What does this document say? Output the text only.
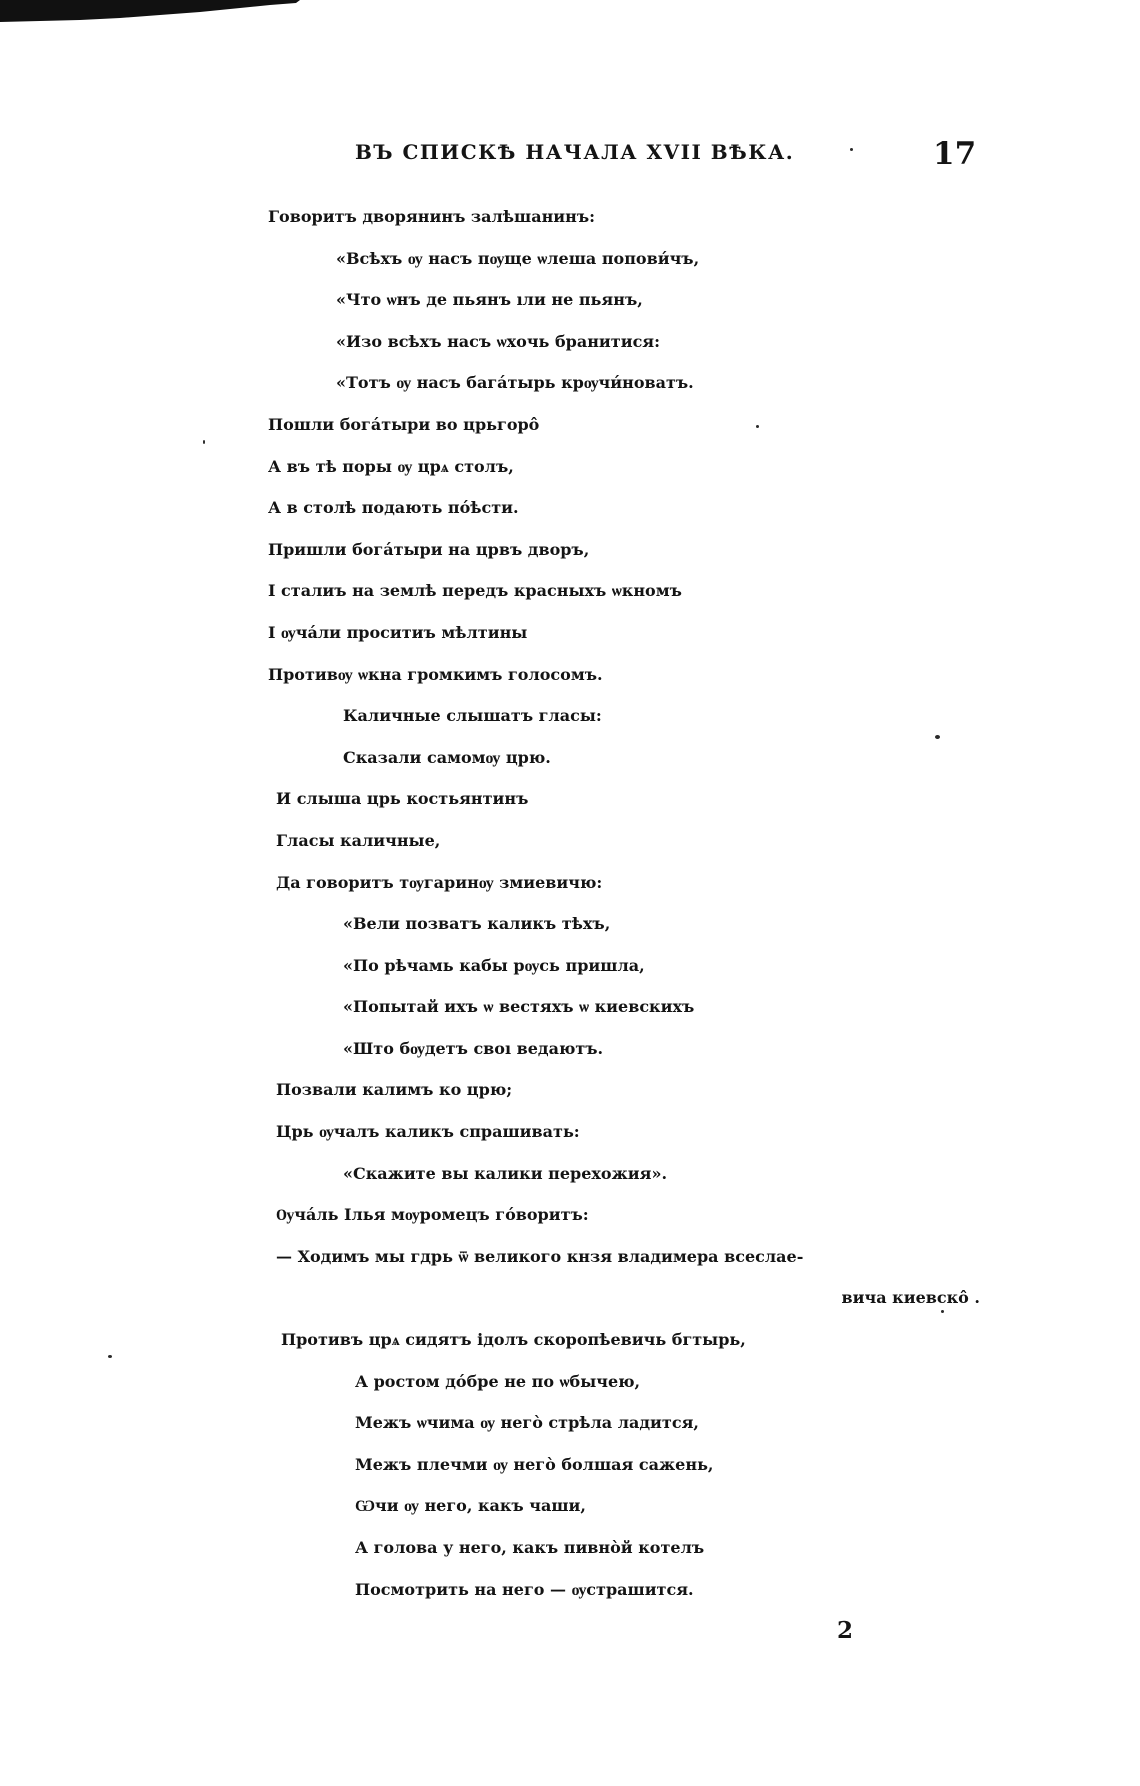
ВЪ СПИСКѢ НАЧАЛА XVII ВѢКА.	17
Говоритъ дворянинъ залѣшанинъ:
«Всѣхъ ѹ насъ пѹще ѡлеша попови́чъ,
«Что ѡнъ де пьянъ ıли не пьянъ,
«Изо всѣхъ насъ ѡхочь бранитися:
«Тотъ ѹ насъ багáтырь крѹчи́новатъ.
Пошли богáтыри во црьгоро̂
А въ тѣ поры ѹ црѧ столъ,
А в столѣ подають пóѣсти.
Пришли богáтыри на црвъ дворъ,
І сталиъ на землѣ передъ красныхъ ѡкномъ
І ѹчáли проситиъ мѣлтины
Противѹ ѡкна громкимъ голосомъ.
Каличные слышатъ гласы:
Сказали самомѹ црю.
И слыша црь костьянтинъ
Гласы каличные,
Да говоритъ тѹгаринѹ змиевичю:
«Вели позватъ каликъ тѣхъ,
«По рѣчамь кабы рѹсь пришла,
«Попытай ихъ ѡ вестяхъ ѡ киевскихъ
«Што бѹдетъ своı ведаютъ.
Позвали калимъ ко црю;
Црь ѹчалъ каликъ спрашивать:
«Скажите вы калики перехожия».
Ѹчáль Ілья мѹромецъ гóворитъ:
— Ходимъ мы гдрь ѿ великого кнзя владимера всеслае-
вича киевско̂ .
Противъ црѧ сидятъ ідолъ скоропѣевичь бгтырь,
А ростом дóбре не по ѡбычею,
Межъ ѡчима ѹ негò стрѣла ладится,
Межъ плечми ѹ негò болшая сажень,
Ѡчи ѹ него, какъ чаши,
А голова у него, какъ пивнòй котелъ
Посмотрить на него — ѹстрашится.
2
